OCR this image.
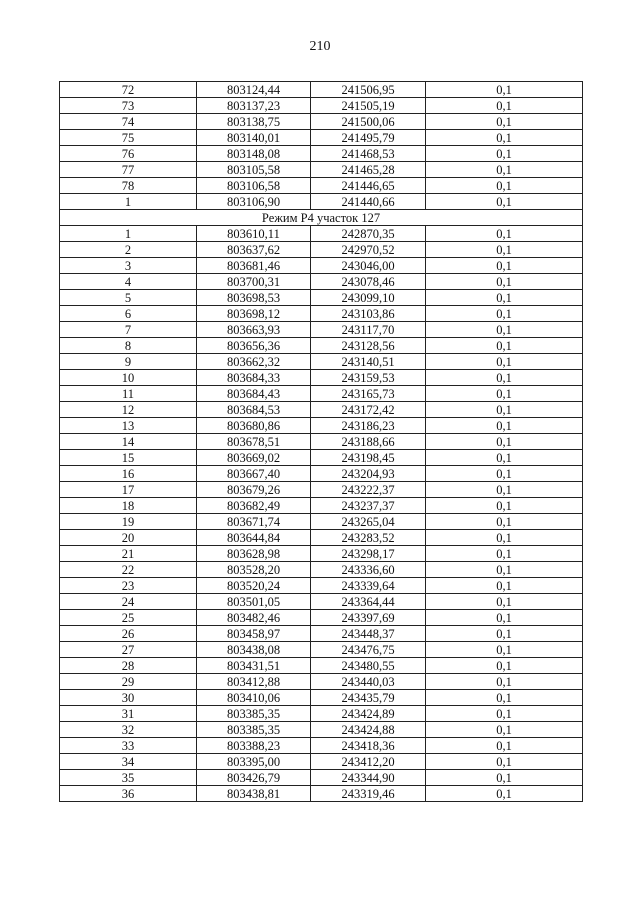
210
72	803124,44	241506,95	0,1
73	803137,23	241505,19	0,1
74	803138,75	241500,06	0,1
75	803140,01	241495,79	0,1
76	803148,08	241468,53	0,1
77	803105,58	241465,28	0,1
78	803106,58	241446,65	0,1
1	803106,90	241440,66	0,1
Режим Р4 участок 127			
1	803610,11	242870,35	0,1
2	803637,62	242970,52	0,1
3	803681,46	243046,00	0,1
4	803700,31	243078,46	0,1
5	803698,53	243099,10	0,1
6	803698,12	243103,86	0,1
7	803663,93	243117,70	0,1
8	803656,36	243128,56	0,1
9	803662,32	243140,51	0,1
10	803684,33	243159,53	0,1
11	803684,43	243165,73	0,1
12	803684,53	243172,42	0,1
13	803680,86	243186,23	0,1
14	803678,51	243188,66	0,1
15	803669,02	243198,45	0,1
16	803667,40	243204,93	0,1
17	803679,26	243222,37	0,1
18	803682,49	243237,37	0,1
19	803671,74	243265,04	0,1
20	803644,84	243283,52	0,1
21	803628,98	243298,17	0,1
22	803528,20	243336,60	0,1
23	803520,24	243339,64	0,1
24	803501,05	243364,44	0,1
25	803482,46	243397,69	0,1
26	803458,97	243448,37	0,1
27	803438,08	243476,75	0,1
28	803431,51	243480,55	0,1
29	803412,88	243440,03	0,1
30	803410,06	243435,79	0,1
31	803385,35	243424,89	0,1
32	803385,35	243424,88	0,1
33	803388,23	243418,36	0,1
34	803395,00	243412,20	0,1
35	803426,79	243344,90	0,1
36	803438,81	243319,46	0,1
